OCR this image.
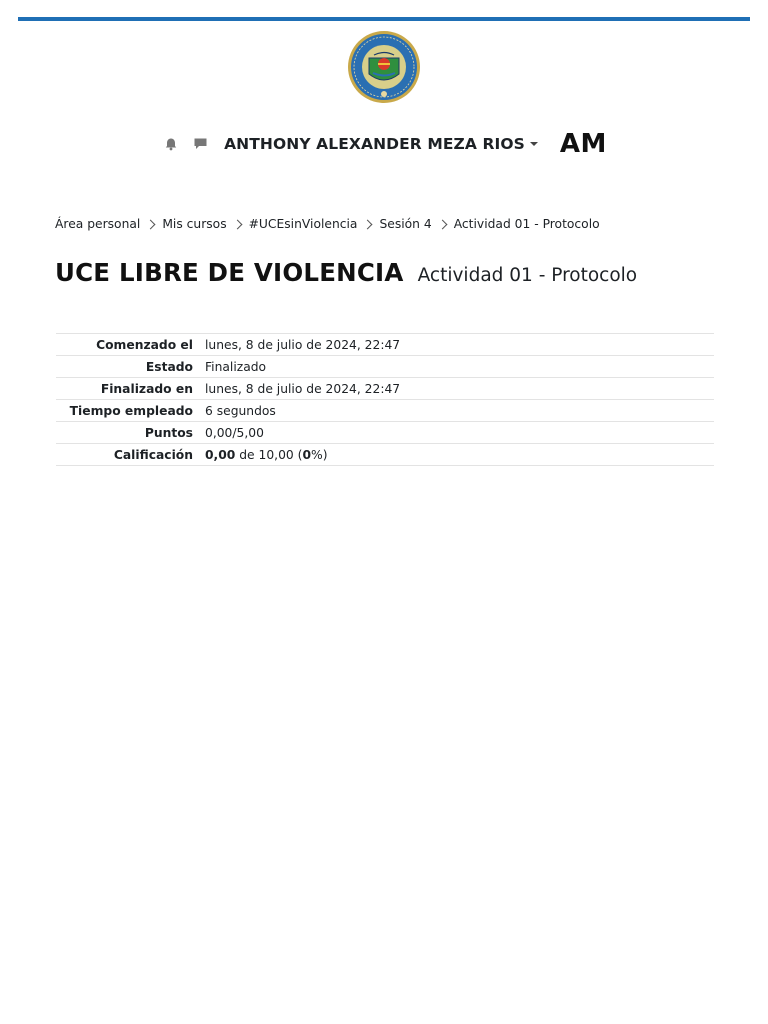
ANTHONY ALEXANDER MEZA RIOS AM
Área personal Mis cursos #UCEsinViolencia Sesión 4 Actividad 01 - Protocolo
UCE LIBRE DE VIOLENCIA Actividad 01 - Protocolo
Comenzado el	lunes, 8 de julio de 2024, 22:47
Estado	Finalizado
Finalizado en	lunes, 8 de julio de 2024, 22:47
Tiempo empleado	6 segundos
Puntos	0,00/5,00
Calificación	0,00 de 10,00 (0%)
